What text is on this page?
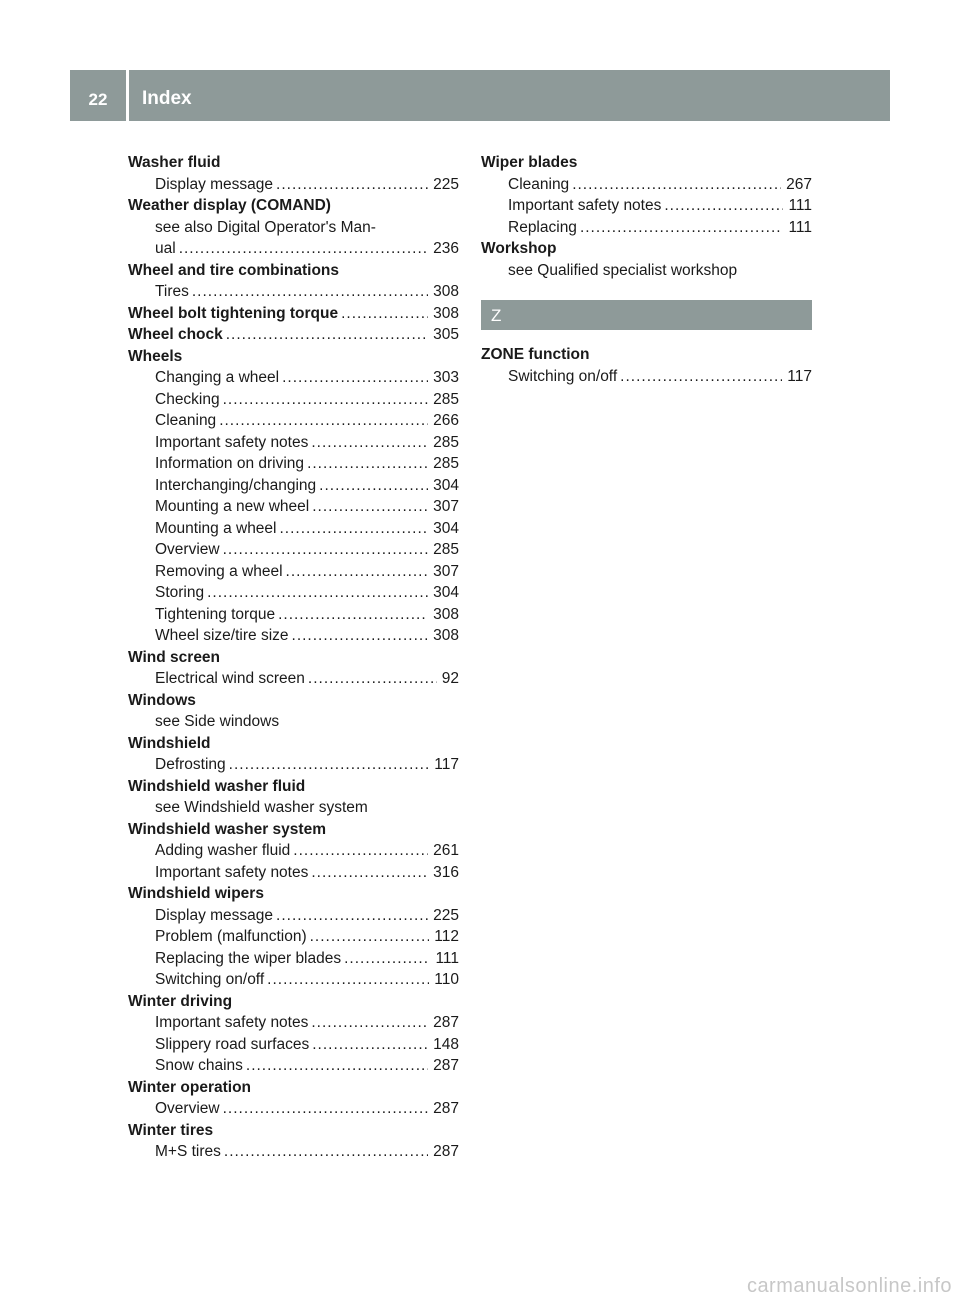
22	Index
Washer fluid
Display message .....	225
Weather display (COMAND)
see also Digital Operator's Man-
ual .....	236
Wheel and tire combinations
Tires .....	308
Wheel bolt tightening torque .....	308
Wheel chock .....	305
Wheels
Changing a wheel .....	303
Checking .....	285
Cleaning .....	266
Important safety notes .....	285
Information on driving .....	285
Interchanging/changing .....	304
Mounting a new wheel .....	307
Mounting a wheel .....	304
Overview .....	285
Removing a wheel .....	307
Storing .....	304
Tightening torque .....	308
Wheel size/tire size .....	308
Wind screen
Electrical wind screen .....	92
Windows
see Side windows
Windshield
Defrosting .....	117
Windshield washer fluid
see Windshield washer system
Windshield washer system
Adding washer fluid .....	261
Important safety notes .....	316
Windshield wipers
Display message .....	225
Problem (malfunction) .....	112
Replacing the wiper blades .....	111
Switching on/off .....	110
Winter driving
Important safety notes .....	287
Slippery road surfaces .....	148
Snow chains .....	287
Winter operation
Overview .....	287
Winter tires
M+S tires .....	287
Wiper blades
Cleaning .....	267
Important safety notes .....	111
Replacing .....	111
Workshop
see Qualified specialist workshop
Z
ZONE function
Switching on/off .....	117
carmanualsonline.info
